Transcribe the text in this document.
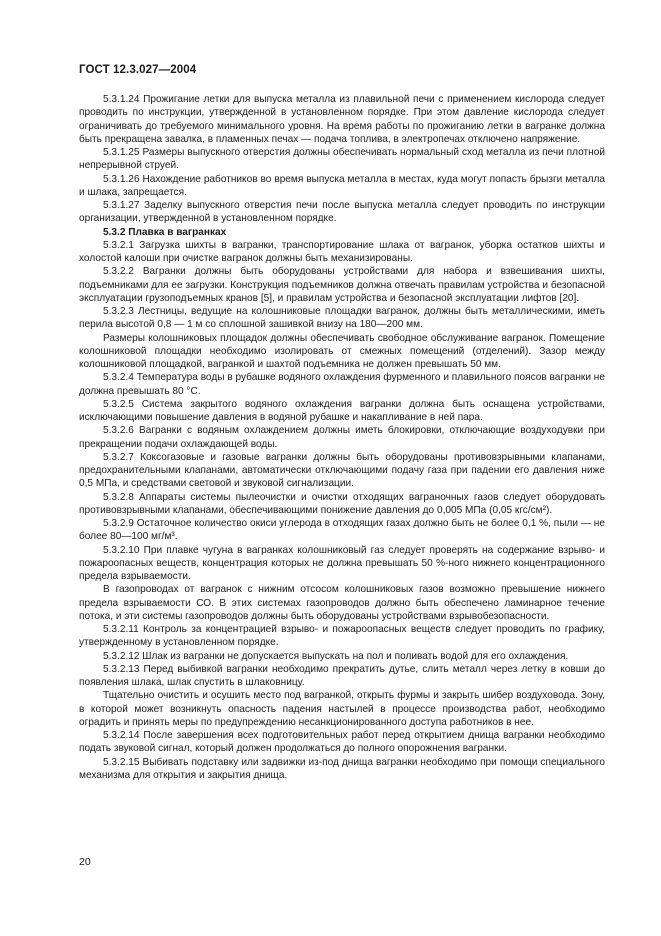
ГОСТ 12.3.027—2004

5.3.1.24 Прожигание летки для выпуска металла из плавильной печи с применением кислорода следует проводить по инструкции, утвержденной в установленном порядке. При этом давление кислорода следует ограничивать до требуемого минимального уровня. На время работы по прожиганию летки в вагранке должна быть прекращена завалка, в пламенных печах — подача топлива, в электропечах отключено напряжение.

5.3.1.25 Размеры выпускного отверстия должны обеспечивать нормальный сход металла из печи плотной непрерывной струей.

5.3.1.26 Нахождение работников во время выпуска металла в местах, куда могут попасть брызги металла и шлака, запрещается.

5.3.1.27 Заделку выпускного отверстия печи после выпуска металла следует проводить по инструкции организации, утвержденной в установленном порядке.

5.3.2 Плавка в вагранках

5.3.2.1 Загрузка шихты в вагранки, транспортирование шлака от вагранок, уборка остатков шихты и холостой калоши при очистке вагранок должны быть механизированы.

5.3.2.2 Вагранки должны быть оборудованы устройствами для набора и взвешивания шихты, подъемниками для ее загрузки. Конструкция подъемников должна отвечать правилам устройства и безопасной эксплуатации грузоподъемных кранов [5], и правилам устройства и безопасной эксплуатации лифтов [20].

5.3.2.3 Лестницы, ведущие на колошниковые площадки вагранок, должны быть металлическими, иметь перила высотой 0,8 — 1 м со сплошной зашивкой внизу на 180—200 мм.

Размеры колошниковых площадок должны обеспечивать свободное обслуживание вагранок. Помещение колошниковой площадки необходимо изолировать от смежных помещений (отделений). Зазор между колошниковой площадкой, вагранкой и шахтой подъемника не должен превышать 50 мм.

5.3.2.4 Температура воды в рубашке водяного охлаждения фурменного и плавильного поясов вагранки не должна превышать 80 °С.

5.3.2.5 Система закрытого водяного охлаждения вагранки должна быть оснащена устройствами, исключающими повышение давления в водяной рубашке и накапливание в ней пара.

5.3.2.6 Вагранки с водяным охлаждением должны иметь блокировки, отключающие воздуходувки при прекращении подачи охлаждающей воды.

5.3.2.7 Коксогазовые и газовые вагранки должны быть оборудованы противовзрывными клапанами, предохранительными клапанами, автоматически отключающими подачу газа при падении его давления ниже 0,5 МПа, и средствами световой и звуковой сигнализации.

5.3.2.8 Аппараты системы пылеочистки и очистки отходящих ваграночных газов следует оборудовать противовзрывными клапанами, обеспечивающими понижение давления до 0,005 МПа (0,05 кгс/см²).

5.3.2.9 Остаточное количество окиси углерода в отходящих газах должно быть не более 0,1 %, пыли — не более 80—100 мг/м³.

5.3.2.10 При плавке чугуна в вагранках колошниковый газ следует проверять на содержание взрыво- и пожароопасных веществ, концентрация которых не должна превышать 50 %-ного нижнего концентрационного предела взрываемости.

В газопроводах от вагранок с нижним отсосом колошниковых газов возможно превышение нижнего предела взрываемости СО. В этих системах газопроводов должно быть обеспечено ламинарное течение потока, и эти системы газопроводов должны быть оборудованы устройствами взрывобезопасности.

5.3.2.11 Контроль за концентрацией взрыво- и пожароопасных веществ следует проводить по графику, утвержденному в установленном порядке.

5.3.2.12 Шлак из вагранки не допускается выпускать на пол и поливать водой для его охлаждения.

5.3.2.13 Перед выбивкой вагранки необходимо прекратить дутье, слить металл через летку в ковши до появления шлака, шлак спустить в шлаковницу.

Тщательно очистить и осушить место под вагранкой, открыть фурмы и закрыть шибер воздуховода. Зону, в которой может возникнуть опасность падения настылей в процессе производства работ, необходимо оградить и принять меры по предупреждению несанкционированного доступа работников в нее.

5.3.2.14 После завершения всех подготовительных работ перед открытием днища вагранки необходимо подать звуковой сигнал, который должен продолжаться до полного опорожнения вагранки.

5.3.2.15 Выбивать подставку или задвижки из-под днища вагранки необходимо при помощи специального механизма для открытия и закрытия днища.

20
